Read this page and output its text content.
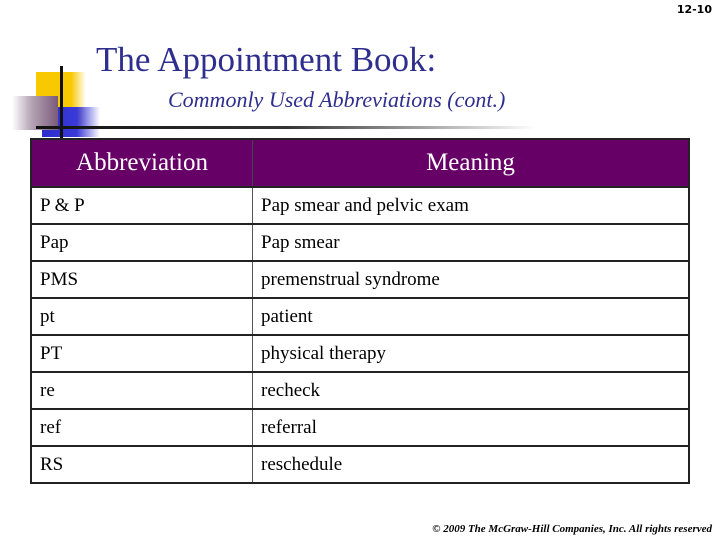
12-10
The Appointment Book:
Commonly Used Abbreviations (cont.)
Abbreviation	Meaning
P & P	Pap smear and pelvic exam
Pap	Pap smear
PMS	premenstrual syndrome
pt	patient
PT	physical therapy
re	recheck
ref	referral
RS	reschedule
© 2009 The McGraw-Hill Companies, Inc. All rights reserved
